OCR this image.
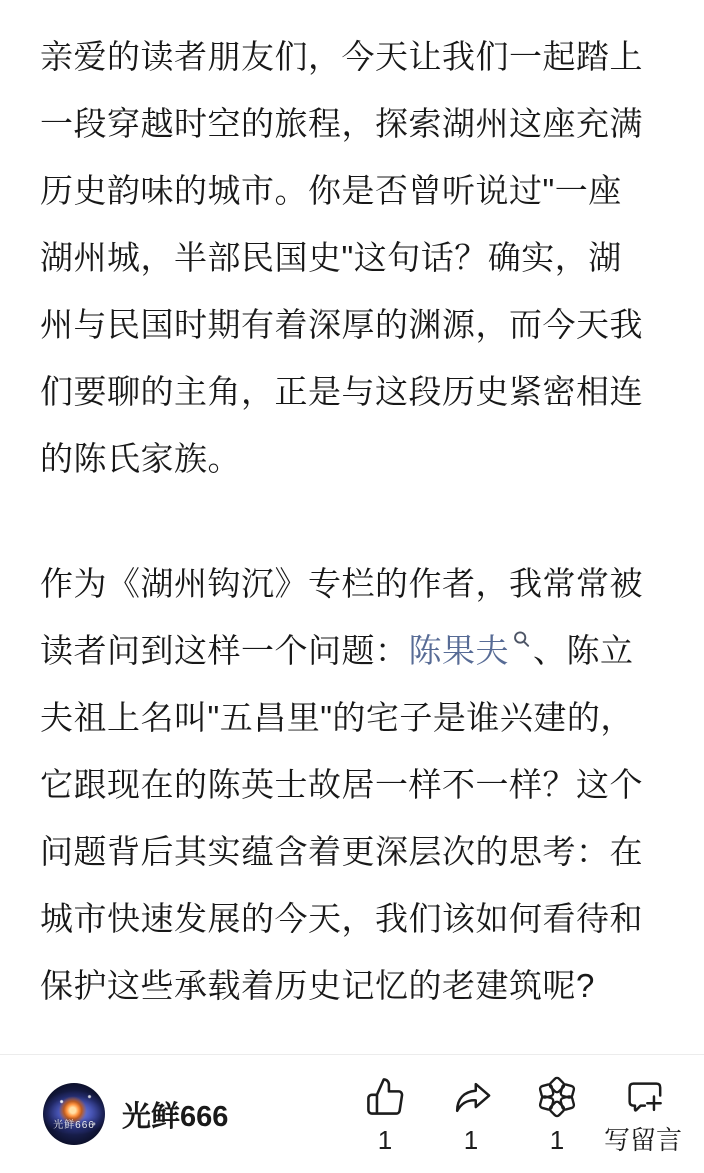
亲爱的读者朋友们，今天让我们一起踏上
一段穿越时空的旅程，探索湖州这座充满
历史韵味的城市。你是否曾听说过"一座
湖州城，半部民国史"这句话？确实，湖
州与民国时期有着深厚的渊源，而今天我
们要聊的主角，正是与这段历史紧密相连
的陈氏家族。
作为《湖州钩沉》专栏的作者，我常常被
读者问到这样一个问题：陈果夫 、陈立
夫祖上名叫"五昌里"的宅子是谁兴建的，
它跟现在的陈英士故居一样不一样？这个
问题背后其实蕴含着更深层次的思考：在
城市快速发展的今天，我们该如何看待和
保护这些承载着历史记忆的老建筑呢?
光鲜666 光鲜666
1	1	1 写留言
